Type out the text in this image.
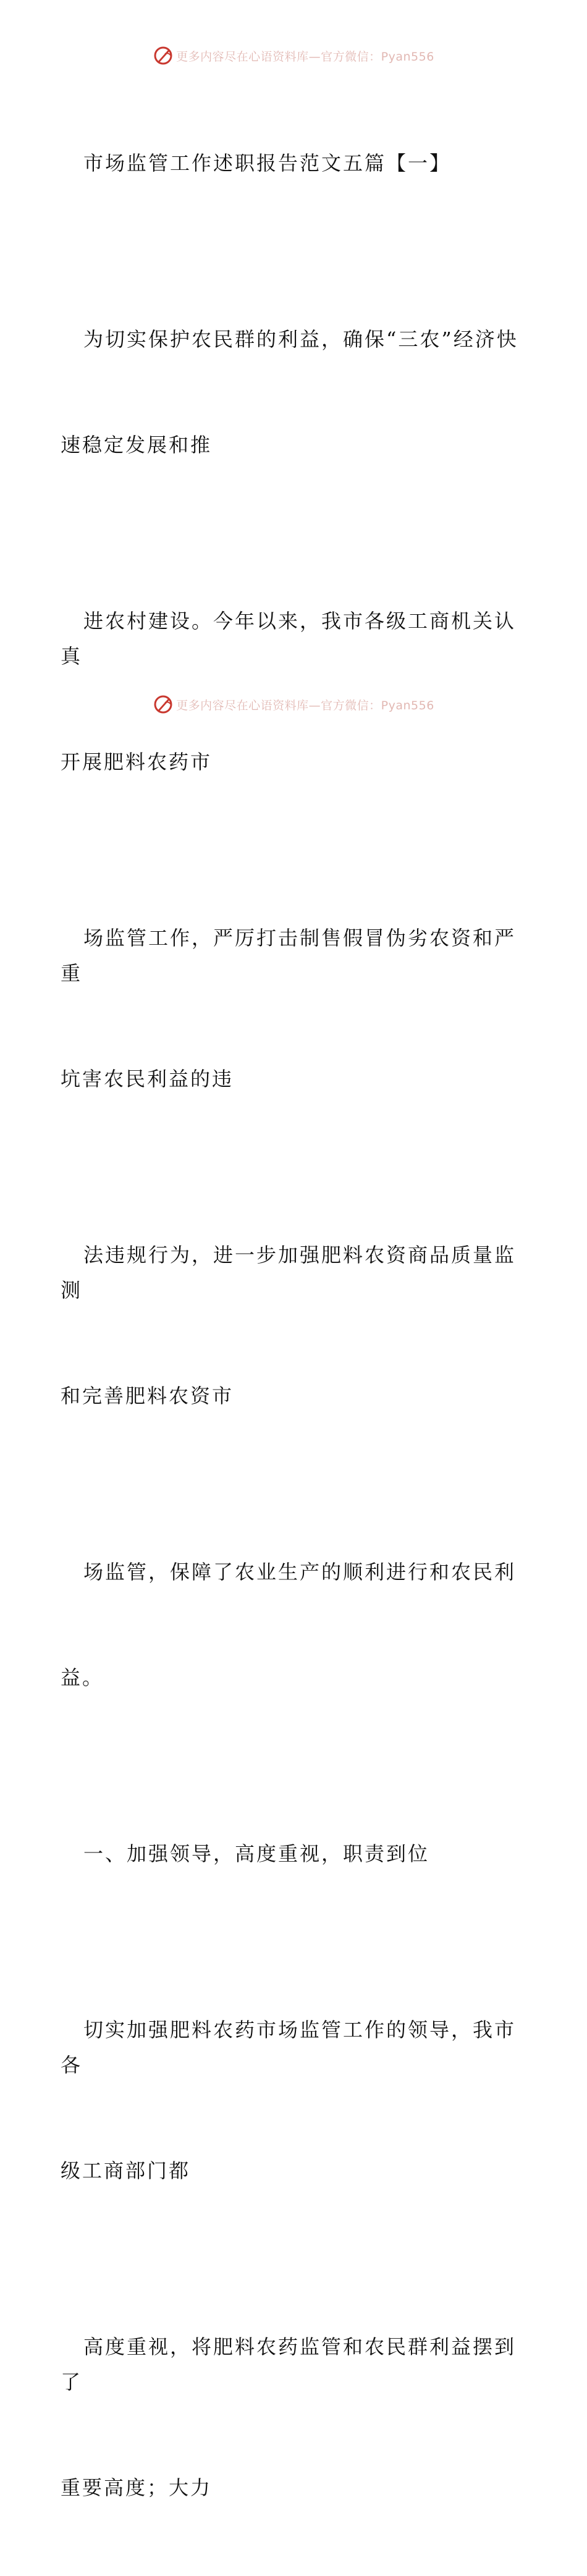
更多内容尽在心语资料库—官方微信：Pyan556

市场监管工作述职报告范文五篇【一】

为切实保护农民群的利益，确保“三农”经济快

速稳定发展和推

进农村建设。今年以来，我市各级工商机关认真

开展肥料农药市

场监管工作，严厉打击制售假冒伪劣农资和严重

坑害农民利益的违

法违规行为，进一步加强肥料农资商品质量监测

和完善肥料农资市

场监管，保障了农业生产的顺利进行和农民利

益。

一、加强领导，高度重视，职责到位

切实加强肥料农药市场监管工作的领导，我市各

级工商部门都

高度重视，将肥料农药监管和农民群利益摆到了

重要高度；大力

更多内容尽在心语资料库—官方微信：Pyan556
